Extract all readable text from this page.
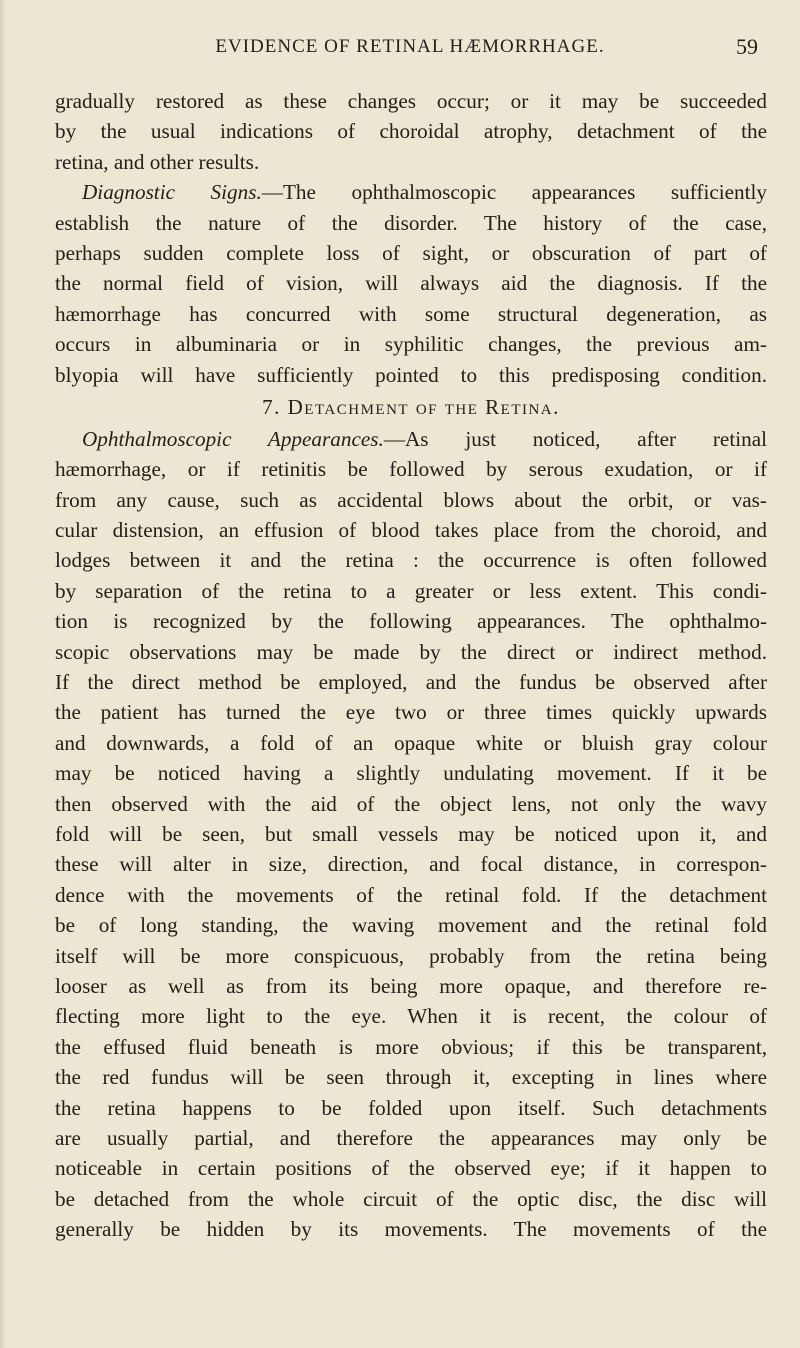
EVIDENCE OF RETINAL HÆMORRHAGE.	59
gradually restored as these changes occur; or it may be succeeded
by the usual indications of choroidal atrophy, detachment of the
retina, and other results.
Diagnostic Signs.—The ophthalmoscopic appearances sufficiently
establish the nature of the disorder. The history of the case,
perhaps sudden complete loss of sight, or obscuration of part of
the normal field of vision, will always aid the diagnosis. If the
hæmorrhage has concurred with some structural degeneration, as
occurs in albuminaria or in syphilitic changes, the previous am-
blyopia will have sufficiently pointed to this predisposing condition.
7. Detachment of the Retina.
Ophthalmoscopic Appearances.—As just noticed, after retinal
hæmorrhage, or if retinitis be followed by serous exudation, or if
from any cause, such as accidental blows about the orbit, or vas-
cular distension, an effusion of blood takes place from the choroid, and
lodges between it and the retina : the occurrence is often followed
by separation of the retina to a greater or less extent. This condi-
tion is recognized by the following appearances. The ophthalmo-
scopic observations may be made by the direct or indirect method.
If the direct method be employed, and the fundus be observed after
the patient has turned the eye two or three times quickly upwards
and downwards, a fold of an opaque white or bluish gray colour
may be noticed having a slightly undulating movement. If it be
then observed with the aid of the object lens, not only the wavy
fold will be seen, but small vessels may be noticed upon it, and
these will alter in size, direction, and focal distance, in correspon-
dence with the movements of the retinal fold. If the detachment
be of long standing, the waving movement and the retinal fold
itself will be more conspicuous, probably from the retina being
looser as well as from its being more opaque, and therefore re-
flecting more light to the eye. When it is recent, the colour of
the effused fluid beneath is more obvious; if this be transparent,
the red fundus will be seen through it, excepting in lines where
the retina happens to be folded upon itself. Such detachments
are usually partial, and therefore the appearances may only be
noticeable in certain positions of the observed eye; if it happen to
be detached from the whole circuit of the optic disc, the disc will
generally be hidden by its movements. The movements of the
